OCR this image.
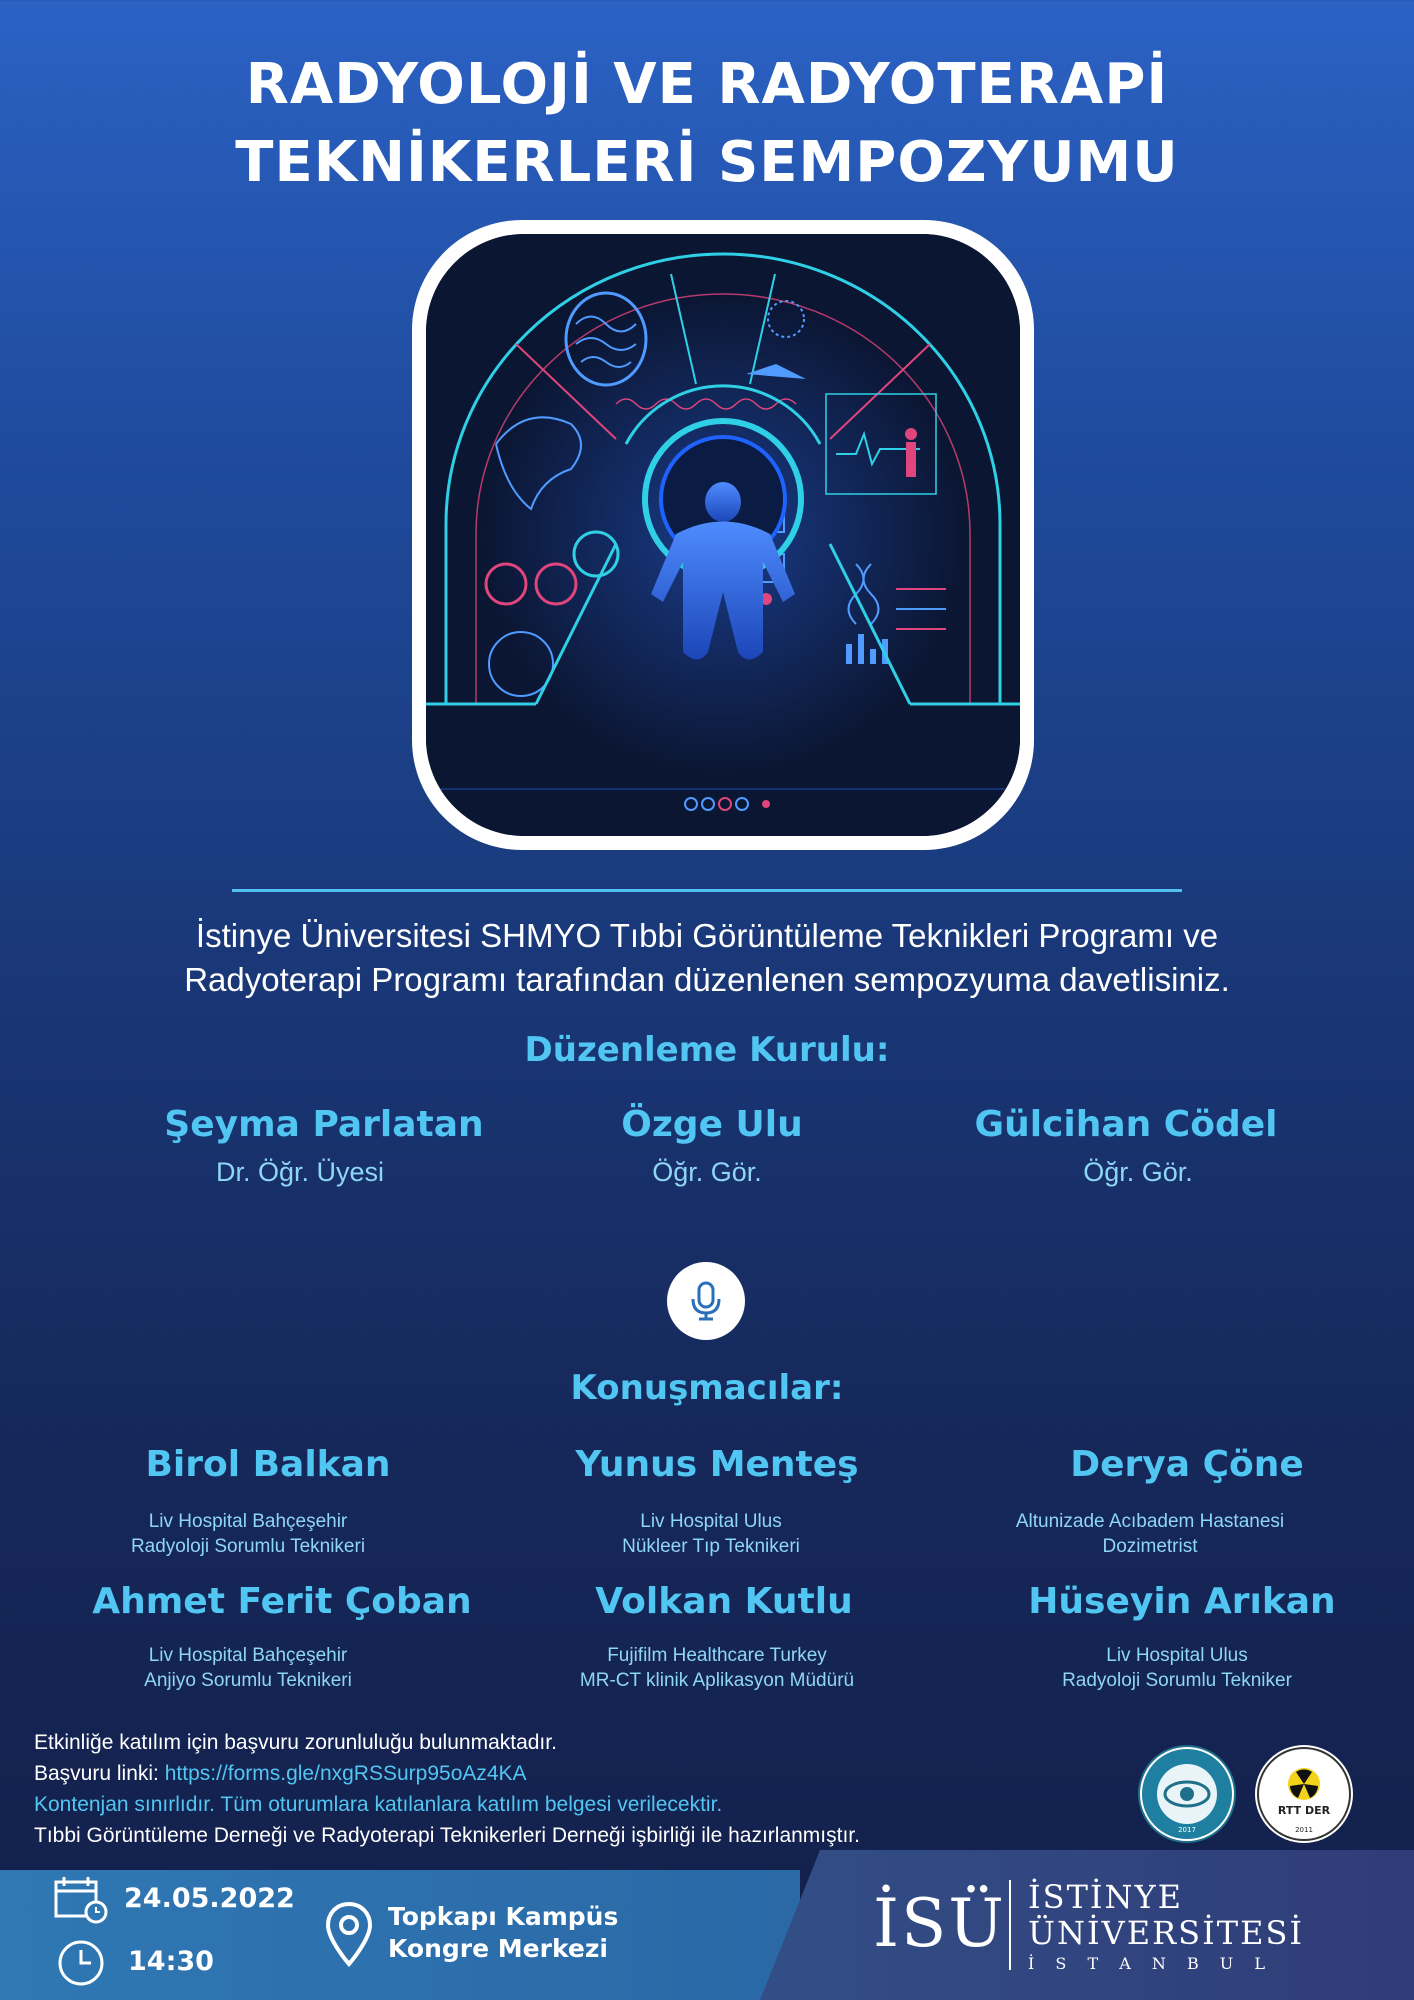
RADYOLOJİ VE RADYOTERAPİ
TEKNİKERLERİ SEMPOZYUMU
İstinye Üniversitesi SHMYO Tıbbi Görüntüleme Teknikleri Programı ve
Radyoterapi Programı tarafından düzenlenen sempozyuma davetlisiniz.
Düzenleme Kurulu:
Şeyma Parlatan
Dr. Öğr. Üyesi
Özge Ulu
Öğr. Gör.
Gülcihan Cödel
Öğr. Gör.
Konuşmacılar:
Birol Balkan
Liv Hospital Bahçeşehir
Radyoloji Sorumlu Teknikeri
Yunus Menteş
Liv Hospital Ulus
Nükleer Tıp Teknikeri
Derya Çöne
Altunizade Acıbadem Hastanesi
Dozimetrist
Ahmet Ferit Çoban
Liv Hospital Bahçeşehir
Anjiyo Sorumlu Teknikeri
Volkan Kutlu
Fujifilm Healthcare Turkey
MR-CT klinik Aplikasyon Müdürü
Hüseyin Arıkan
Liv Hospital Ulus
Radyoloji Sorumlu Tekniker
Etkinliğe katılım için başvuru zorunluluğu bulunmaktadır.
Başvuru linki: https://forms.gle/nxgRSSurp95oAz4KA
Kontenjan sınırlıdır. Tüm oturumlara katılanlara katılım belgesi verilecektir.
Tıbbi Görüntüleme Derneği ve Radyoterapi Teknikerleri Derneği işbirliği ile hazırlanmıştır.	2017
RTT DER
2011
24.05.2022
14:30
Topkapı Kampüs
Kongre Merkezi	İSÜ İSTİNYE
ÜNİVERSİTESİ
İ S T A N B U L
